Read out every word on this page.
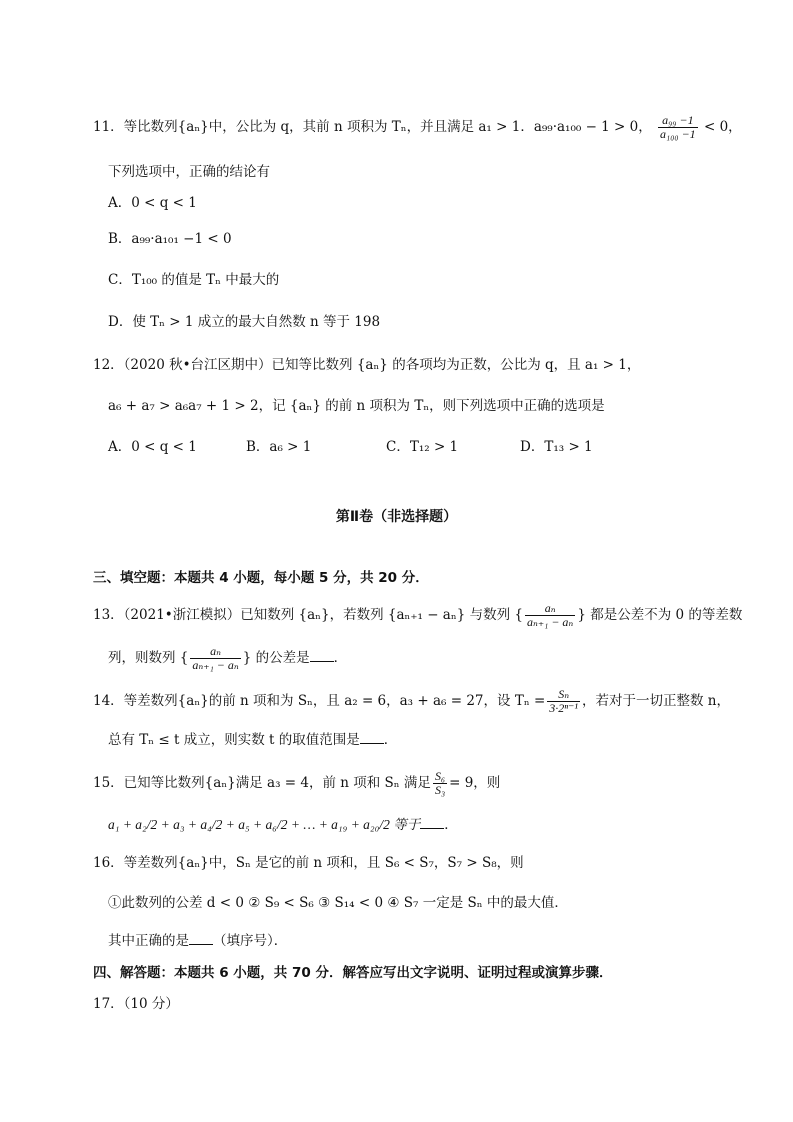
11．等比数列{aₙ}中，公比为 q，其前 n 项积为 Tₙ，并且满足 a₁ > 1．a₉₉·a₁₀₀ − 1 > 0， $\frac{\text{a₉₉ −1}}{\text{a₁₀₀ −1}} < 0$，
下列选项中，正确的结论有
A．0 < q < 1
B．a₉₉·a₁₀₁ −1 < 0
C．T₁₀₀ 的值是 Tₙ 中最大的
D．使 Tₙ > 1 成立的最大自然数 n 等于 198
12．（2020 秋•台江区期中）已知等比数列 {aₙ} 的各项均为正数，公比为 q，且 a₁ > 1，
a₆ + a₇ > a₆a₇ + 1 > 2，记 {aₙ} 的前 n 项积为 Tₙ，则下列选项中正确的选项是
A．0 < q < 1	B．a₆ > 1	C．T₁₂ > 1	D．T₁₃ > 1
第Ⅱ卷（非选择题）
三、填空题：本题共 4 小题，每小题 5 分，共 20 分．
13．（2021•浙江模拟）已知数列 {aₙ}，若数列 {aₙ₊₁ − aₙ} 与数列 { $\frac{\text{aₙ}}{\text{aₙ₊₁ − aₙ}}$ } 都是公差不为 0 的等差数
列，则数列 { $\frac{\text{aₙ}}{\text{aₙ₊₁ − aₙ}}$ } 的公差是 ．
14．等差数列{aₙ}的前 n 项和为 Sₙ，且 a₂ = 6，a₃ + a₆ = 27，设 $T_n = \frac{\text{Sₙ}}{\text{3·2ⁿ⁻¹}}$ ，若对于一切正整数 n，
总有 Tₙ ≤ t 成立，则实数 t 的取值范围是 ．
15．已知等比数列{aₙ}满足 a₃ = 4，前 n 项和 Sₙ 满足 $\frac{\text{S₆}}{\text{S₃}} = 9$，则
a₁ + a₂/2 + a₃ + a₄/2 + a₅ + a₆/2 + … + a₁₉ + a₂₀/2 等于 ．
16．等差数列{aₙ}中，Sₙ 是它的前 n 项和，且 S₆ < S₇，S₇ > S₈，则
①此数列的公差 d < 0 ② S₉ < S₆ ③ S₁₄ < 0 ④ S₇ 一定是 Sₙ 中的最大值．
其中正确的是 （填序号）．
四、解答题：本题共 6 小题，共 70 分．解答应写出文字说明、证明过程或演算步骤．
17．（10 分）
